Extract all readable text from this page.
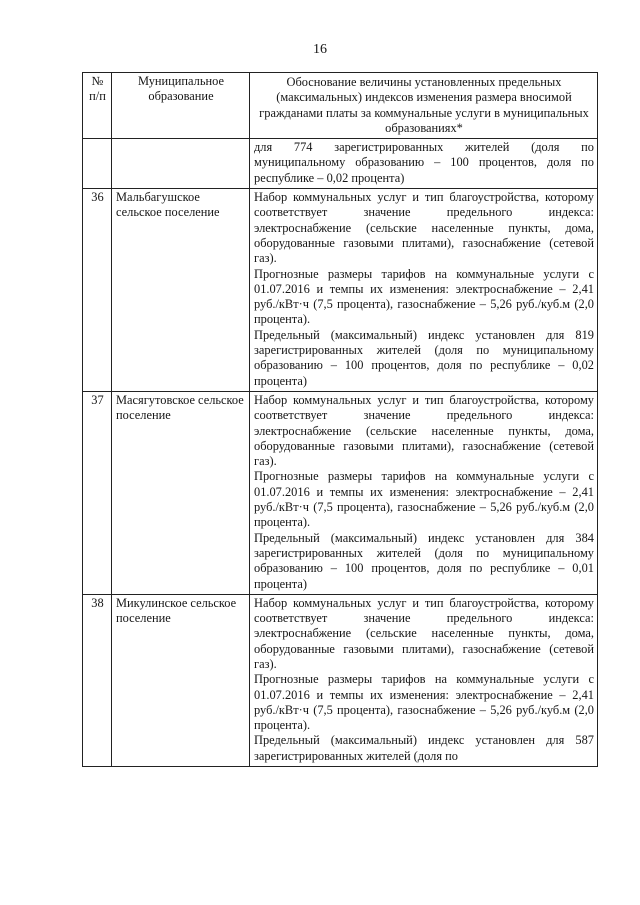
16
№ п/п	Муниципальное образование	Обоснование величины установленных предельных (максимальных) индексов изменения размера вносимой гражданами платы за коммунальные услуги в муниципальных образованиях*

		для 774 зарегистрированных жителей (доля по муниципальному образованию – 100 процентов, доля по республике – 0,02 процента)

36	Мальбагушское сельское поселение	Набор коммунальных услуг и тип благоустройства, которому соответствует значение предельного индекса: электроснабжение (сельские населенные пункты, дома, оборудованные газовыми плитами), газоснабжение (сетевой газ).

Прогнозные размеры тарифов на коммунальные услуги с 01.07.2016 и темпы их изменения: электроснабжение – 2,41 руб./кВт·ч (7,5 процента), газоснабжение – 5,26 руб./куб.м (2,0 процента).

Предельный (максимальный) индекс установлен для 819 зарегистрированных жителей (доля по муниципальному образованию – 100 процентов, доля по республике – 0,02 процента)

37	Масягутовское сельское поселение	Набор коммунальных услуг и тип благоустройства, которому соответствует значение предельного индекса: электроснабжение (сельские населенные пункты, дома, оборудованные газовыми плитами), газоснабжение (сетевой газ).

Прогнозные размеры тарифов на коммунальные услуги с 01.07.2016 и темпы их изменения: электроснабжение – 2,41 руб./кВт·ч (7,5 процента), газоснабжение – 5,26 руб./куб.м (2,0 процента).

Предельный (максимальный) индекс установлен для 384 зарегистрированных жителей (доля по муниципальному образованию – 100 процентов, доля по республике – 0,01 процента)

38	Микулинское сельское поселение	Набор коммунальных услуг и тип благоустройства, которому соответствует значение предельного индекса: электроснабжение (сельские населенные пункты, дома, оборудованные газовыми плитами), газоснабжение (сетевой газ).

Прогнозные размеры тарифов на коммунальные услуги с 01.07.2016 и темпы их изменения: электроснабжение – 2,41 руб./кВт·ч (7,5 процента), газоснабжение – 5,26 руб./куб.м (2,0 процента).

Предельный (максимальный) индекс установлен для 587 зарегистрированных жителей (доля по
